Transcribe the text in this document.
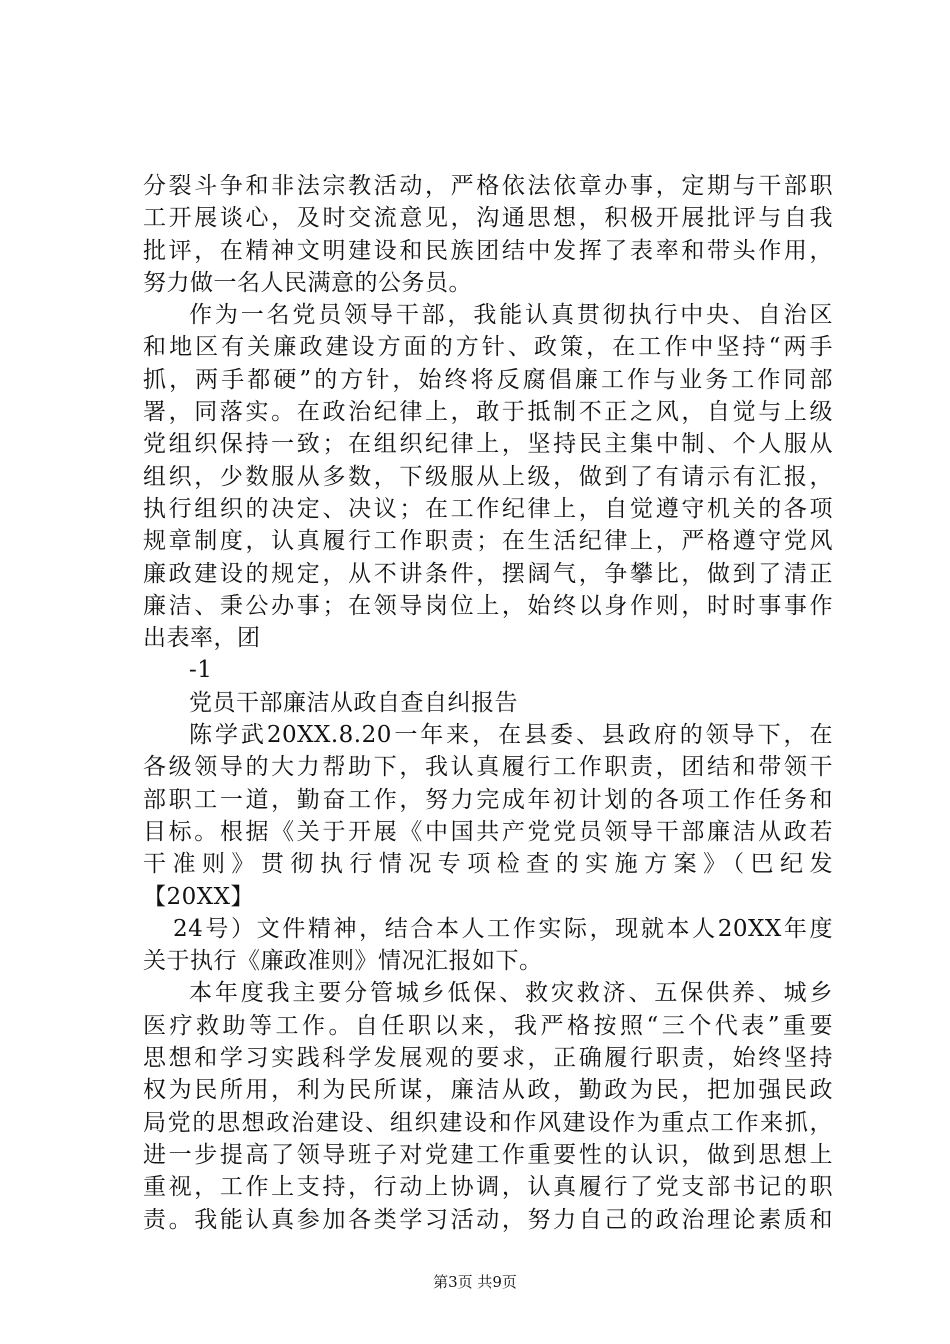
分裂斗争和非法宗教活动，严格依法依章办事，定期与干部职
工开展谈心，及时交流意见，沟通思想，积极开展批评与自我
批评，在精神文明建设和民族团结中发挥了表率和带头作用，
努力做一名人民满意的公务员。
作为一名党员领导干部，我能认真贯彻执行中央、自治区
和地区有关廉政建设方面的方针、政策，在工作中坚持“两手
抓，两手都硬”的方针，始终将反腐倡廉工作与业务工作同部
署，同落实。在政治纪律上，敢于抵制不正之风，自觉与上级
党组织保持一致；在组织纪律上，坚持民主集中制、个人服从
组织，少数服从多数，下级服从上级，做到了有请示有汇报，
执行组织的决定、决议；在工作纪律上，自觉遵守机关的各项
规章制度，认真履行工作职责；在生活纪律上，严格遵守党风
廉政建设的规定，从不讲条件，摆阔气，争攀比，做到了清正
廉洁、秉公办事；在领导岗位上，始终以身作则，时时事事作
出表率，团
-1
党员干部廉洁从政自查自纠报告
陈学武20XX.8.20一年来，在县委、县政府的领导下，在
各级领导的大力帮助下，我认真履行工作职责，团结和带领干
部职工一道，勤奋工作，努力完成年初计划的各项工作任务和
目标。根据《关于开展《中国共产党党员领导干部廉洁从政若
干准则》贯彻执行情况专项检查的实施方案》（巴纪发
【20XX】
24号）文件精神，结合本人工作实际，现就本人20XX年度
关于执行《廉政准则》情况汇报如下。
本年度我主要分管城乡低保、救灾救济、五保供养、城乡
医疗救助等工作。自任职以来，我严格按照“三个代表”重要
思想和学习实践科学发展观的要求，正确履行职责，始终坚持
权为民所用，利为民所谋，廉洁从政，勤政为民，把加强民政
局党的思想政治建设、组织建设和作风建设作为重点工作来抓，
进一步提高了领导班子对党建工作重要性的认识，做到思想上
重视，工作上支持，行动上协调，认真履行了党支部书记的职
责。我能认真参加各类学习活动，努力自己的政治理论素质和
第3页 共9页
